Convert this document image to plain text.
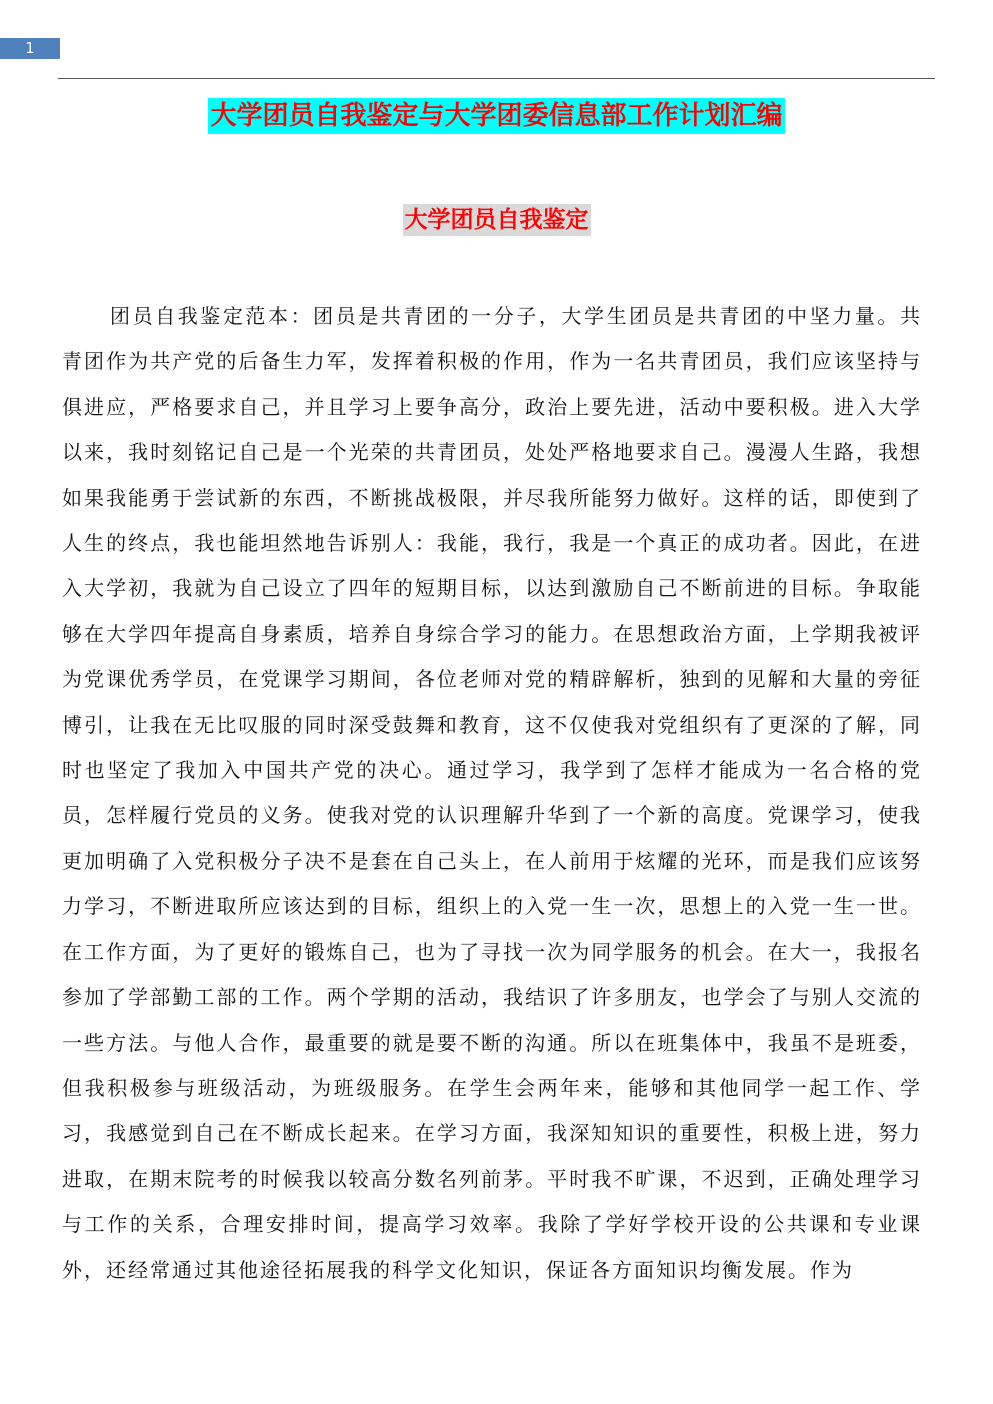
1
大学团员自我鉴定与大学团委信息部工作计划汇编
大学团员自我鉴定

团员自我鉴定范本：团员是共青团的一分子，大学生团员是共青团的中坚力量。共青团作为共产党的后备生力军，发挥着积极的作用，作为一名共青团员，我们应该坚持与俱进应，严格要求自己，并且学习上要争高分，政治上要先进，活动中要积极。进入大学以来，我时刻铭记自己是一个光荣的共青团员，处处严格地要求自己。漫漫人生路，我想如果我能勇于尝试新的东西，不断挑战极限，并尽我所能努力做好。这样的话，即使到了人生的终点，我也能坦然地告诉别人：我能，我行，我是一个真正的成功者。因此，在进入大学初，我就为自己设立了四年的短期目标，以达到激励自己不断前进的目标。争取能够在大学四年提高自身素质，培养自身综合学习的能力。在思想政治方面，上学期我被评为党课优秀学员，在党课学习期间，各位老师对党的精辟解析，独到的见解和大量的旁征博引，让我在无比叹服的同时深受鼓舞和教育，这不仅使我对党组织有了更深的了解，同时也坚定了我加入中国共产党的决心。通过学习，我学到了怎样才能成为一名合格的党员，怎样履行党员的义务。使我对党的认识理解升华到了一个新的高度。党课学习，使我更加明确了入党积极分子决不是套在自己头上，在人前用于炫耀的光环，而是我们应该努力学习，不断进取所应该达到的目标，组织上的入党一生一次，思想上的入党一生一世。在工作方面，为了更好的锻炼自己，也为了寻找一次为同学服务的机会。在大一，我报名参加了学部勤工部的工作。两个学期的活动，我结识了许多朋友，也学会了与别人交流的一些方法。与他人合作，最重要的就是要不断的沟通。所以在班集体中，我虽不是班委，但我积极参与班级活动，为班级服务。在学生会两年来，能够和其他同学一起工作、学习，我感觉到自己在不断成长起来。在学习方面，我深知知识的重要性，积极上进，努力进取，在期末院考的时候我以较高分数名列前茅。平时我不旷课，不迟到，正确处理学习与工作的关系，合理安排时间，提高学习效率。我除了学好学校开设的公共课和专业课外，还经常通过其他途径拓展我的科学文化知识，保证各方面知识均衡发展。作为
